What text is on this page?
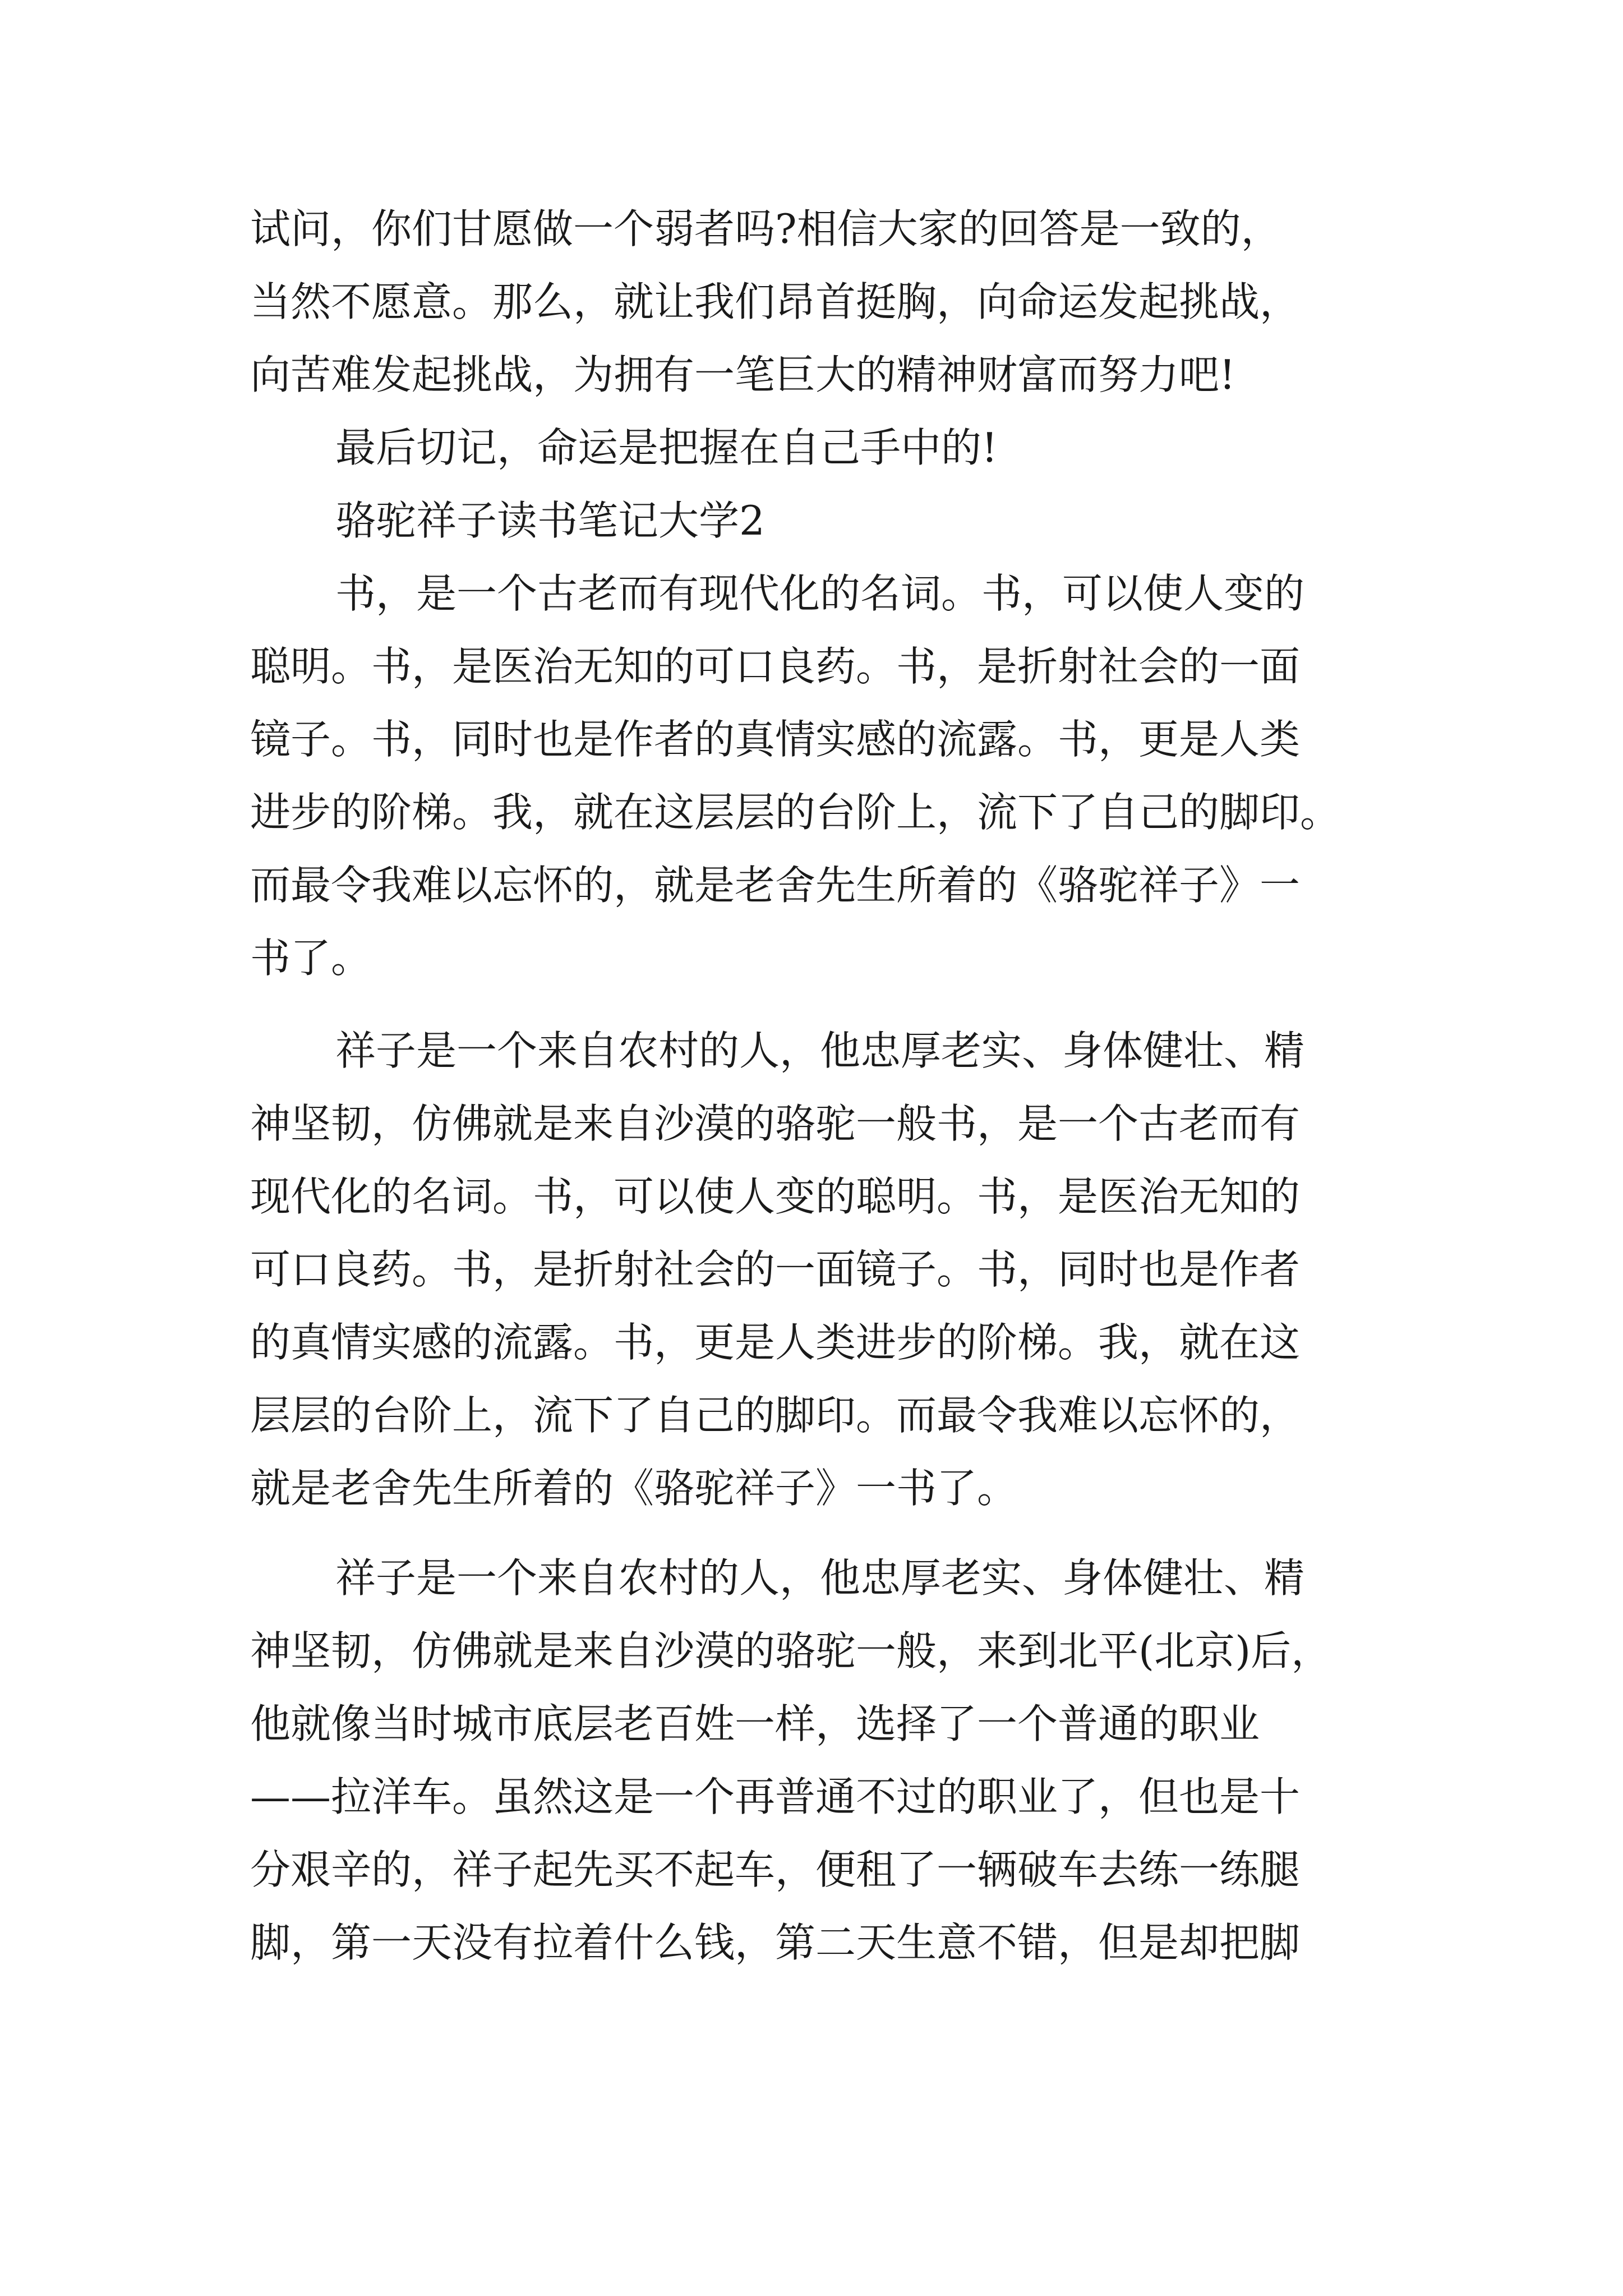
试问，你们甘愿做一个弱者吗?相信大家的回答是一致的，
当然不愿意。那么，就让我们昂首挺胸，向命运发起挑战，
向苦难发起挑战，为拥有一笔巨大的精神财富而努力吧!
最后切记，命运是把握在自己手中的!
骆驼祥子读书笔记大学2
书，是一个古老而有现代化的名词。书，可以使人变的
聪明。书，是医治无知的可口良药。书，是折射社会的一面
镜子。书，同时也是作者的真情实感的流露。书，更是人类
进步的阶梯。我，就在这层层的台阶上，流下了自己的脚印。
而最令我难以忘怀的，就是老舍先生所着的《骆驼祥子》一
书了。
祥子是一个来自农村的人，他忠厚老实、身体健壮、精
神坚韧，仿佛就是来自沙漠的骆驼一般书，是一个古老而有
现代化的名词。书，可以使人变的聪明。书，是医治无知的
可口良药。书，是折射社会的一面镜子。书，同时也是作者
的真情实感的流露。书，更是人类进步的阶梯。我，就在这
层层的台阶上，流下了自己的脚印。而最令我难以忘怀的，
就是老舍先生所着的《骆驼祥子》一书了。
祥子是一个来自农村的人，他忠厚老实、身体健壮、精
神坚韧，仿佛就是来自沙漠的骆驼一般，来到北平(北京)后，
他就像当时城市底层老百姓一样，选择了一个普通的职业
——拉洋车。虽然这是一个再普通不过的职业了，但也是十
分艰辛的，祥子起先买不起车，便租了一辆破车去练一练腿
脚，第一天没有拉着什么钱，第二天生意不错，但是却把脚
